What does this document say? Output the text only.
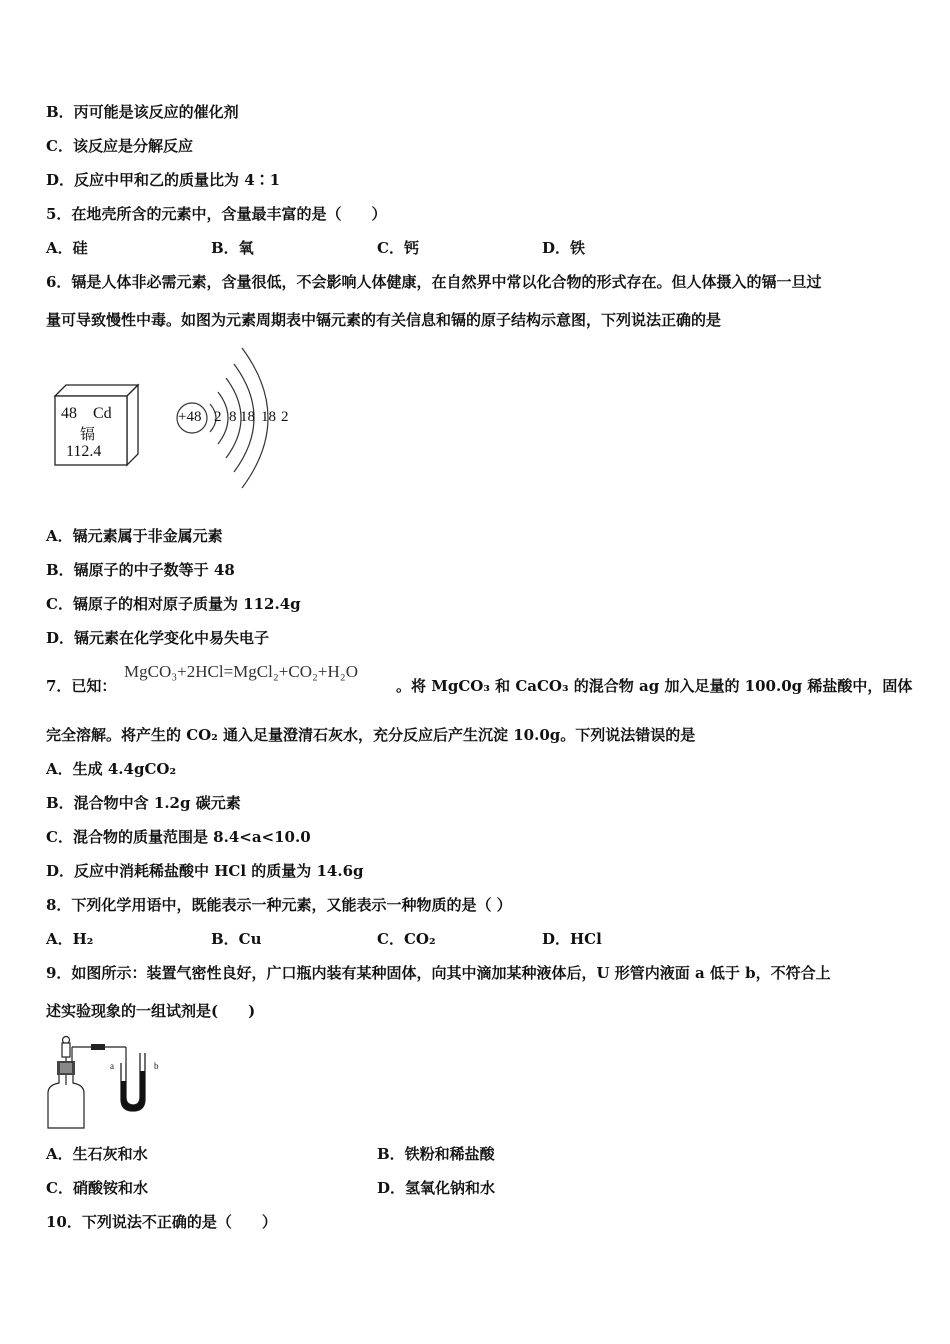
B．丙可能是该反应的催化剂
C．该反应是分解反应
D．反应中甲和乙的质量比为 4∶1
5．在地壳所含的元素中，含量最丰富的是（　　）
A．硅	B．氧	C．钙	D．铁
6．镉是人体非必需元素，含量很低，不会影响人体健康，在自然界中常以化合物的形式存在。但人体摄入的镉一旦过
量可导致慢性中毒。如图为元素周期表中镉元素的有关信息和镉的原子结构示意图，下列说法正确的是
48 Cd
镉
112.4
+48 2 8 18 18 2
A．镉元素属于非金属元素
B．镉原子的中子数等于 48
C．镉原子的相对原子质量为 112.4g
D．镉元素在化学变化中易失电子
7．已知：
MgCO₃+2HCl=MgCl₂+CO₂+H₂O
。将 MgCO₃ 和 CaCO₃ 的混合物 ag 加入足量的 100.0g 稀盐酸中，固体
完全溶解。将产生的 CO₂ 通入足量澄清石灰水，充分反应后产生沉淀 10.0g。下列说法错误的是
A．生成 4.4gCO₂
B．混合物中含 1.2g 碳元素
C．混合物的质量范围是 8.4<a<10.0
D．反应中消耗稀盐酸中 HCl 的质量为 14.6g
8．下列化学用语中，既能表示一种元素，又能表示一种物质的是（ ）
A．H₂	B．Cu	C．CO₂	D．HCl
9．如图所示：装置气密性良好，广口瓶内装有某种固体，向其中滴加某种液体后，U 形管内液面 a 低于 b，不符合上
述实验现象的一组试剂是(　　)
a	b
A．生石灰和水	B．铁粉和稀盐酸
C．硝酸铵和水	D．氢氧化钠和水
10．下列说法不正确的是（　　）
